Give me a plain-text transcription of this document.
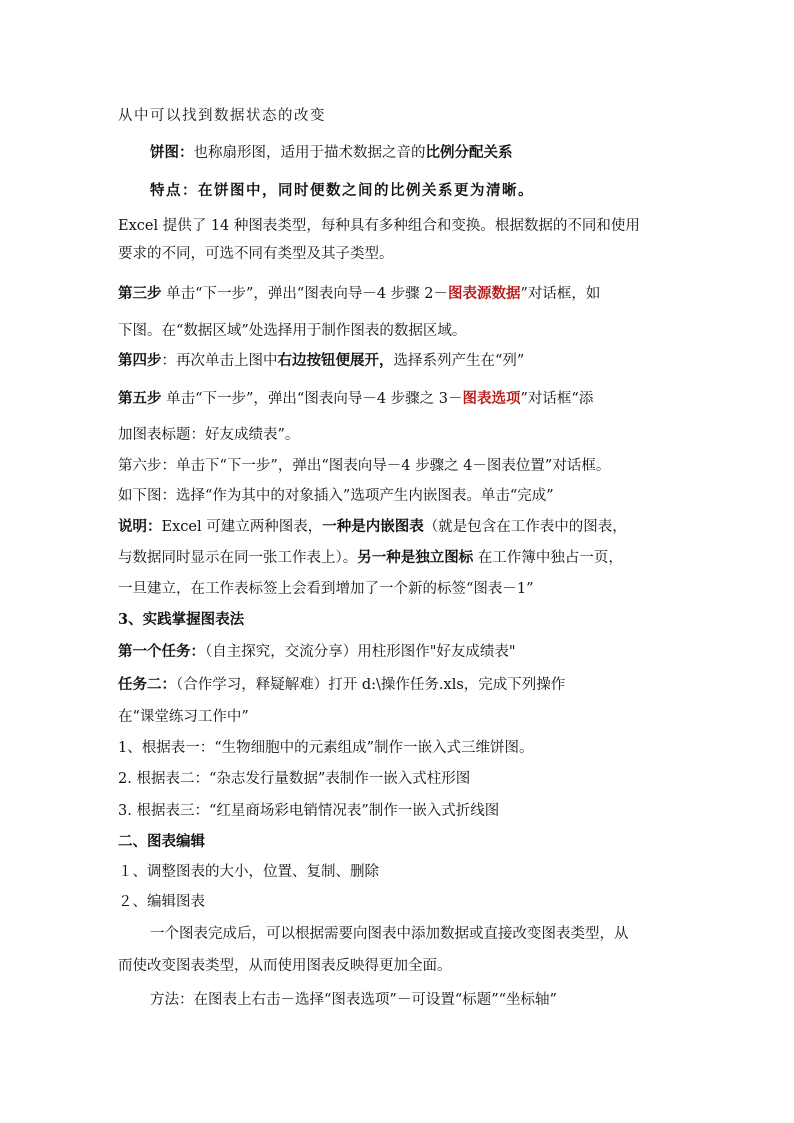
从中可以找到数据状态的改变
饼图：也称扇形图，适用于描术数据之音的比例分配关系
特点：在饼图中，同时便数之间的比例关系更为清晰。
Excel 提供了 14 种图表类型，每种具有多种组合和变换。根据数据的不同和使用
要求的不同，可选不同有类型及其子类型。
第三步 单击“下一步”，弹出“图表向导－4 步骤 2－图表源数据”对话框，如
下图。在“数据区域”处选择用于制作图表的数据区域。
第四步：再次单击上图中右边按钮便展开，选择系列产生在“列”
第五步 单击“下一步”，弹出“图表向导－4 步骤之 3－图表选项”对话框“添
加图表标题：好友成绩表”。
第六步：单击下“下一步”，弹出“图表向导－4 步骤之 4－图表位置”对话框。
如下图：选择“作为其中的对象插入”选项产生内嵌图表。单击“完成”
说明：Excel 可建立两种图表，一种是内嵌图表（就是包含在工作表中的图表，
与数据同时显示在同一张工作表上）。另一种是独立图标 在工作簿中独占一页，
一旦建立，在工作表标签上会看到增加了一个新的标签“图表－1”
3、实践掌握图表法
第一个任务：（自主探究，交流分享）用柱形图作"好友成绩表"
任务二：（合作学习，释疑解难）打开 d:\操作任务.xls，完成下列操作
在“课堂练习工作中”
1、根据表一：“生物细胞中的元素组成”制作一嵌入式三维饼图。
2. 根据表二：“杂志发行量数据”表制作一嵌入式柱形图
3. 根据表三：“红星商场彩电销情况表”制作一嵌入式折线图
二、图表编辑
１、调整图表的大小，位置、复制、删除
２、编辑图表
一个图表完成后，可以根据需要向图表中添加数据或直接改变图表类型，从
而使改变图表类型，从而使用图表反映得更加全面。
方法：在图表上右击－选择“图表选项”－可设置“标题”“坐标轴”
